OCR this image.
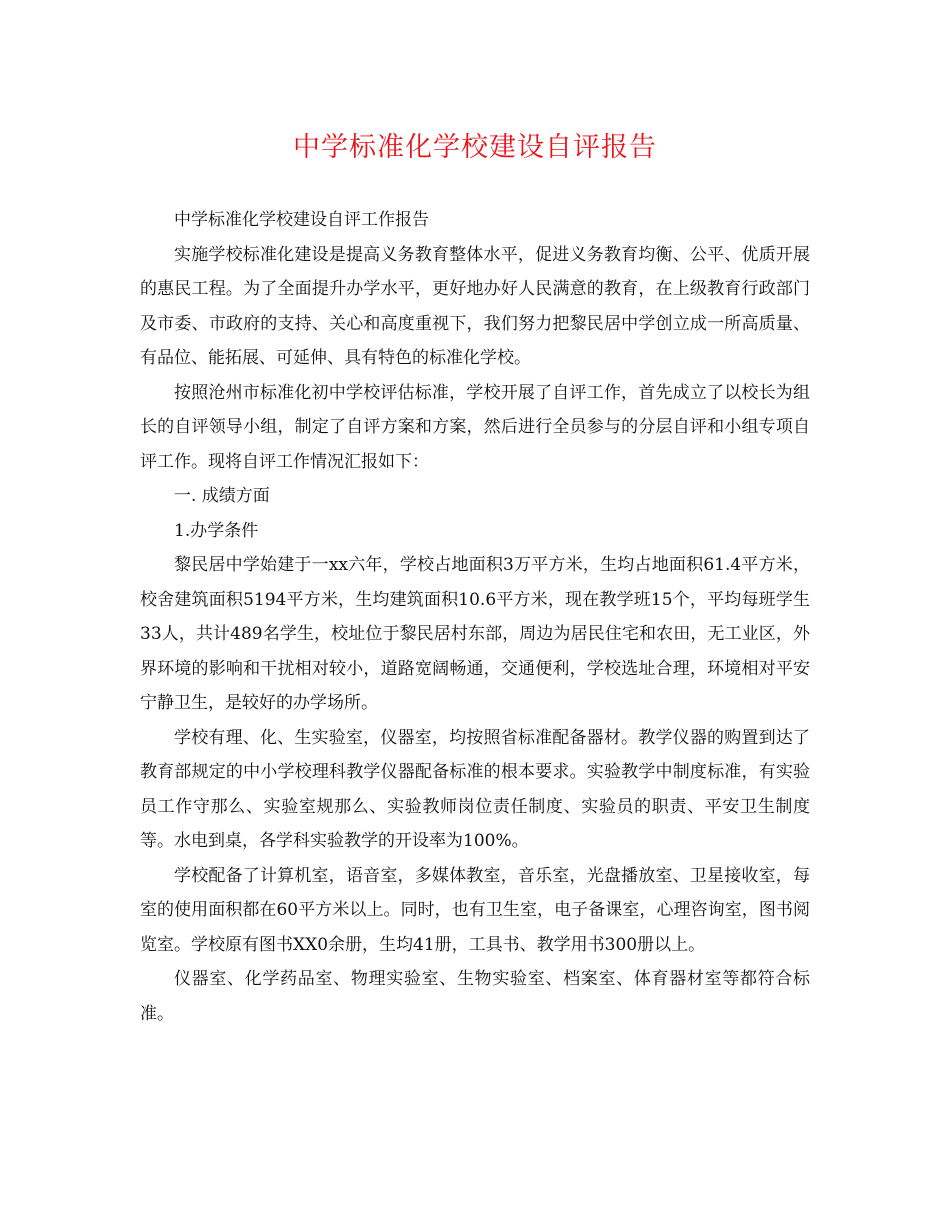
中学标准化学校建设自评报告

中学标准化学校建设自评工作报告

实施学校标准化建设是提高义务教育整体水平，促进义务教育均衡、公平、优质开展的惠民工程。为了全面提升办学水平，更好地办好人民满意的教育，在上级教育行政部门及市委、市政府的支持、关心和高度重视下，我们努力把黎民居中学创立成一所高质量、有品位、能拓展、可延伸、具有特色的标准化学校。

按照沧州市标准化初中学校评估标准，学校开展了自评工作，首先成立了以校长为组长的自评领导小组，制定了自评方案和方案，然后进行全员参与的分层自评和小组专项自评工作。现将自评工作情况汇报如下：

一. 成绩方面

1.办学条件

黎民居中学始建于一xx六年，学校占地面积3万平方米，生均占地面积61.4平方米，校舍建筑面积5194平方米，生均建筑面积10.6平方米，现在教学班15个，平均每班学生33人，共计489名学生，校址位于黎民居村东部，周边为居民住宅和农田，无工业区，外界环境的影响和干扰相对较小，道路宽阔畅通，交通便利，学校选址合理，环境相对平安宁静卫生，是较好的办学场所。

学校有理、化、生实验室，仪器室，均按照省标准配备器材。教学仪器的购置到达了教育部规定的中小学校理科教学仪器配备标准的根本要求。实验教学中制度标准，有实验员工作守那么、实验室规那么、实验教师岗位责任制度、实验员的职责、平安卫生制度等。水电到桌，各学科实验教学的开设率为100%。

学校配备了计算机室，语音室，多媒体教室，音乐室，光盘播放室、卫星接收室，每室的使用面积都在60平方米以上。同时，也有卫生室，电子备课室，心理咨询室，图书阅览室。学校原有图书XX0余册，生均41册，工具书、教学用书300册以上。

仪器室、化学药品室、物理实验室、生物实验室、档案室、体育器材室等都符合标准。
